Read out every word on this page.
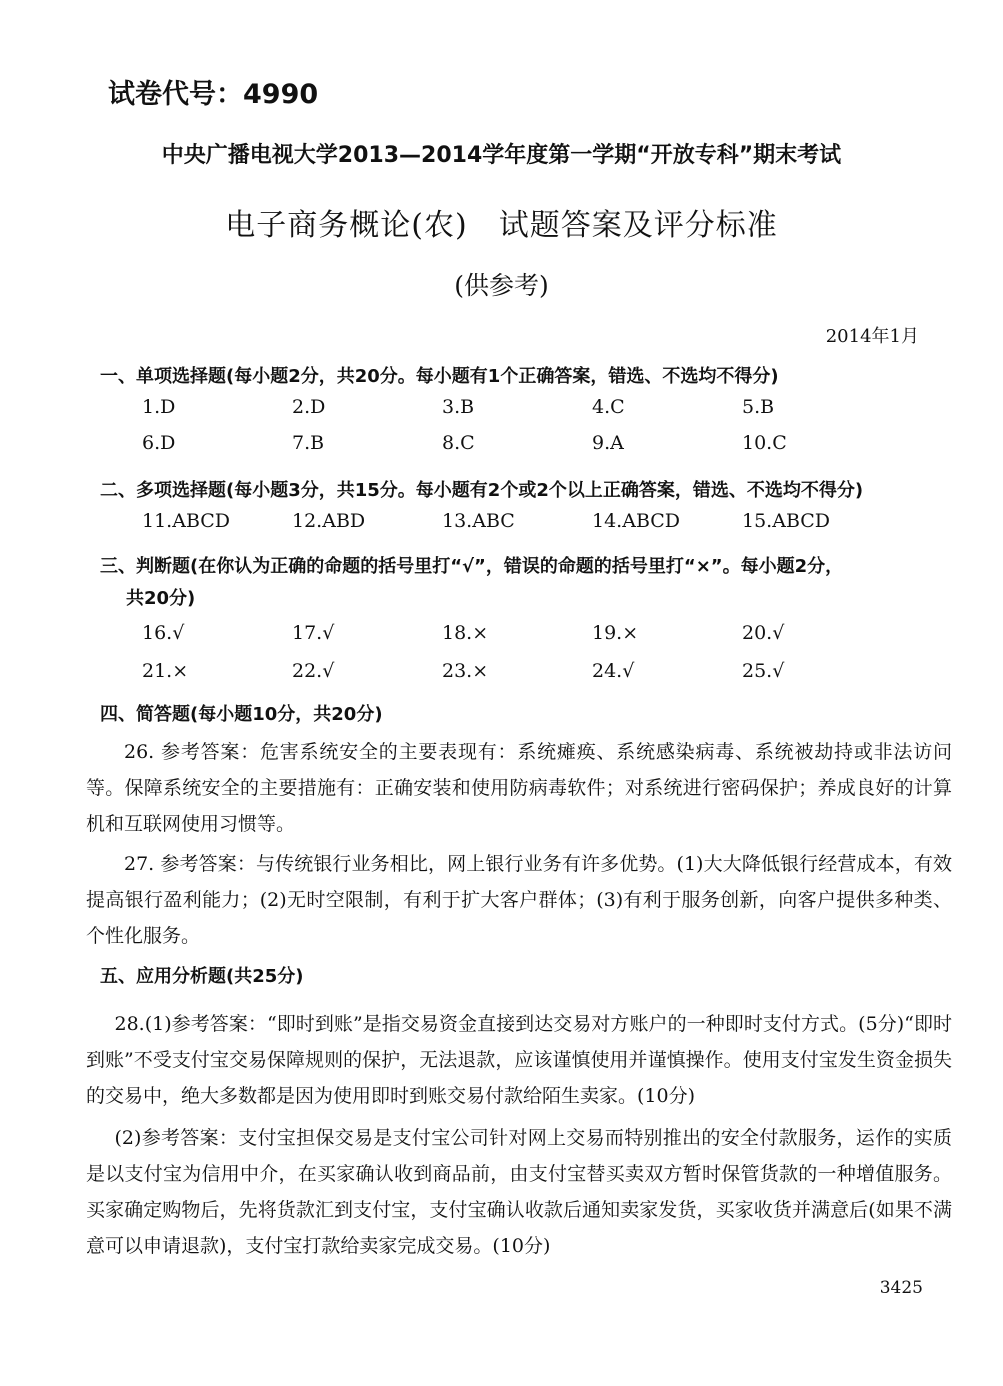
试卷代号：4990
中央广播电视大学2013—2014学年度第一学期“开放专科”期末考试
电子商务概论(农)　试题答案及评分标准
(供参考)
2014年1月
一、单项选择题(每小题2分，共20分。每小题有1个正确答案，错选、不选均不得分)
1.D	2.D	3.B	4.C	5.B
6.D	7.B	8.C	9.A	10.C
二、多项选择题(每小题3分，共15分。每小题有2个或2个以上正确答案，错选、不选均不得分)
11.ABCD	12.ABD	13.ABC	14.ABCD	15.ABCD
三、判断题(在你认为正确的命题的括号里打“√”，错误的命题的括号里打“×”。每小题2分，
共20分)
16.√	17.√	18.×	19.×	20.√
21.×	22.√	23.×	24.√	25.√
四、简答题(每小题10分，共20分)

26. 参考答案：危害系统安全的主要表现有：系统瘫痪、系统感染病毒、系统被劫持或非法访问等。保障系统安全的主要措施有：正确安装和使用防病毒软件；对系统进行密码保护；养成良好的计算机和互联网使用习惯等。

27. 参考答案：与传统银行业务相比，网上银行业务有许多优势。(1)大大降低银行经营成本，有效提高银行盈利能力；(2)无时空限制，有利于扩大客户群体；(3)有利于服务创新，向客户提供多种类、个性化服务。

五、应用分析题(共25分)

28.(1)参考答案：“即时到账”是指交易资金直接到达交易对方账户的一种即时支付方式。(5分)“即时到账”不受支付宝交易保障规则的保护，无法退款，应该谨慎使用并谨慎操作。使用支付宝发生资金损失的交易中，绝大多数都是因为使用即时到账交易付款给陌生卖家。(10分)

(2)参考答案：支付宝担保交易是支付宝公司针对网上交易而特别推出的安全付款服务，运作的实质是以支付宝为信用中介，在买家确认收到商品前，由支付宝替买卖双方暂时保管货款的一种增值服务。买家确定购物后，先将货款汇到支付宝，支付宝确认收款后通知卖家发货，买家收货并满意后(如果不满意可以申请退款)，支付宝打款给卖家完成交易。(10分)

3425
